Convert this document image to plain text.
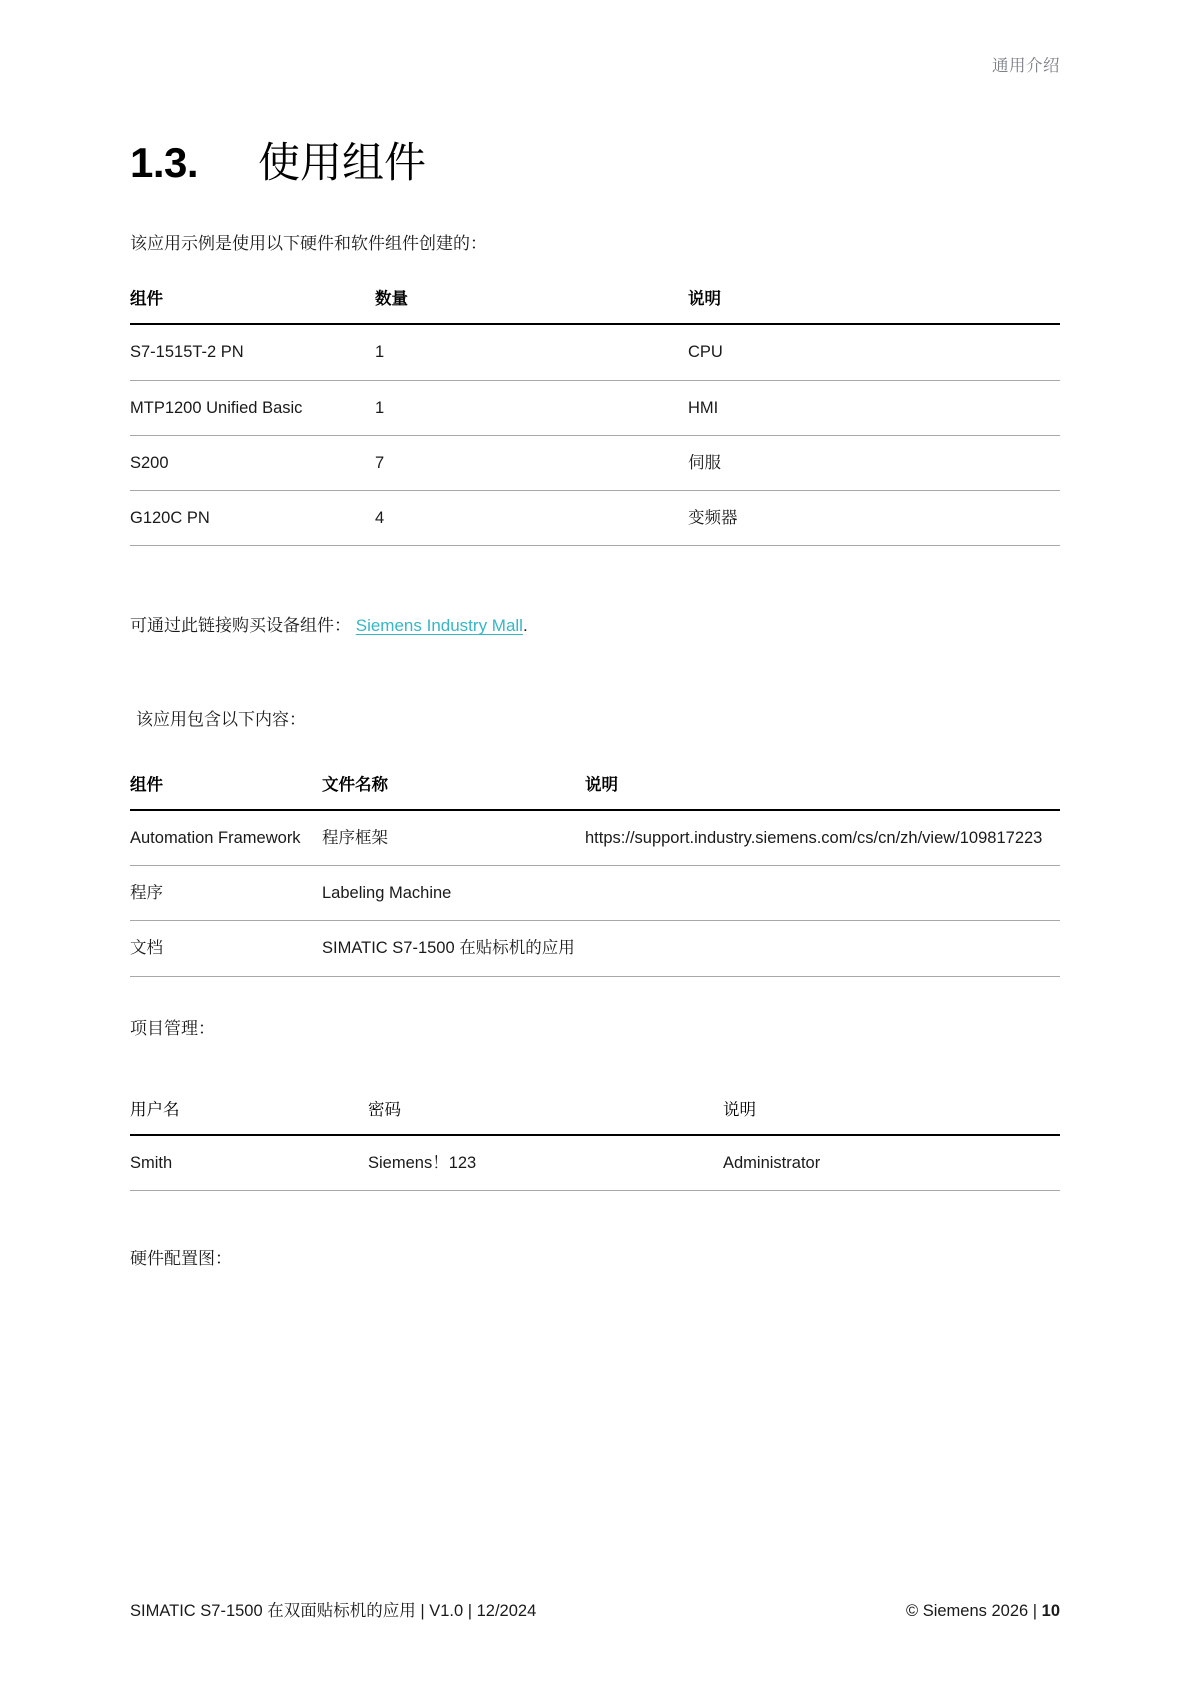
通用介绍
1.3.	使用组件

该应用示例是使用以下硬件和软件组件创建的：

组件	数量	说明
S7-1515T-2 PN	1	CPU
MTP1200 Unified Basic	1	HMI
S200	7	伺服
G120C PN	4	变频器

可通过此链接购买设备组件： Siemens Industry Mall.

该应用包含以下内容：

组件	文件名称	说明
Automation Framework	程序框架	https://support.industry.siemens.com/cs/cn/zh/view/109817223
程序	Labeling Machine	
文档	SIMATIC S7-1500 在贴标机的应用	

项目管理：

用户名	密码	说明
Smith	Siemens！123	Administrator

硬件配置图：

SIMATIC S7-1500 在双面贴标机的应用 | V1.0 | 12/2024	© Siemens 2026 | 10
